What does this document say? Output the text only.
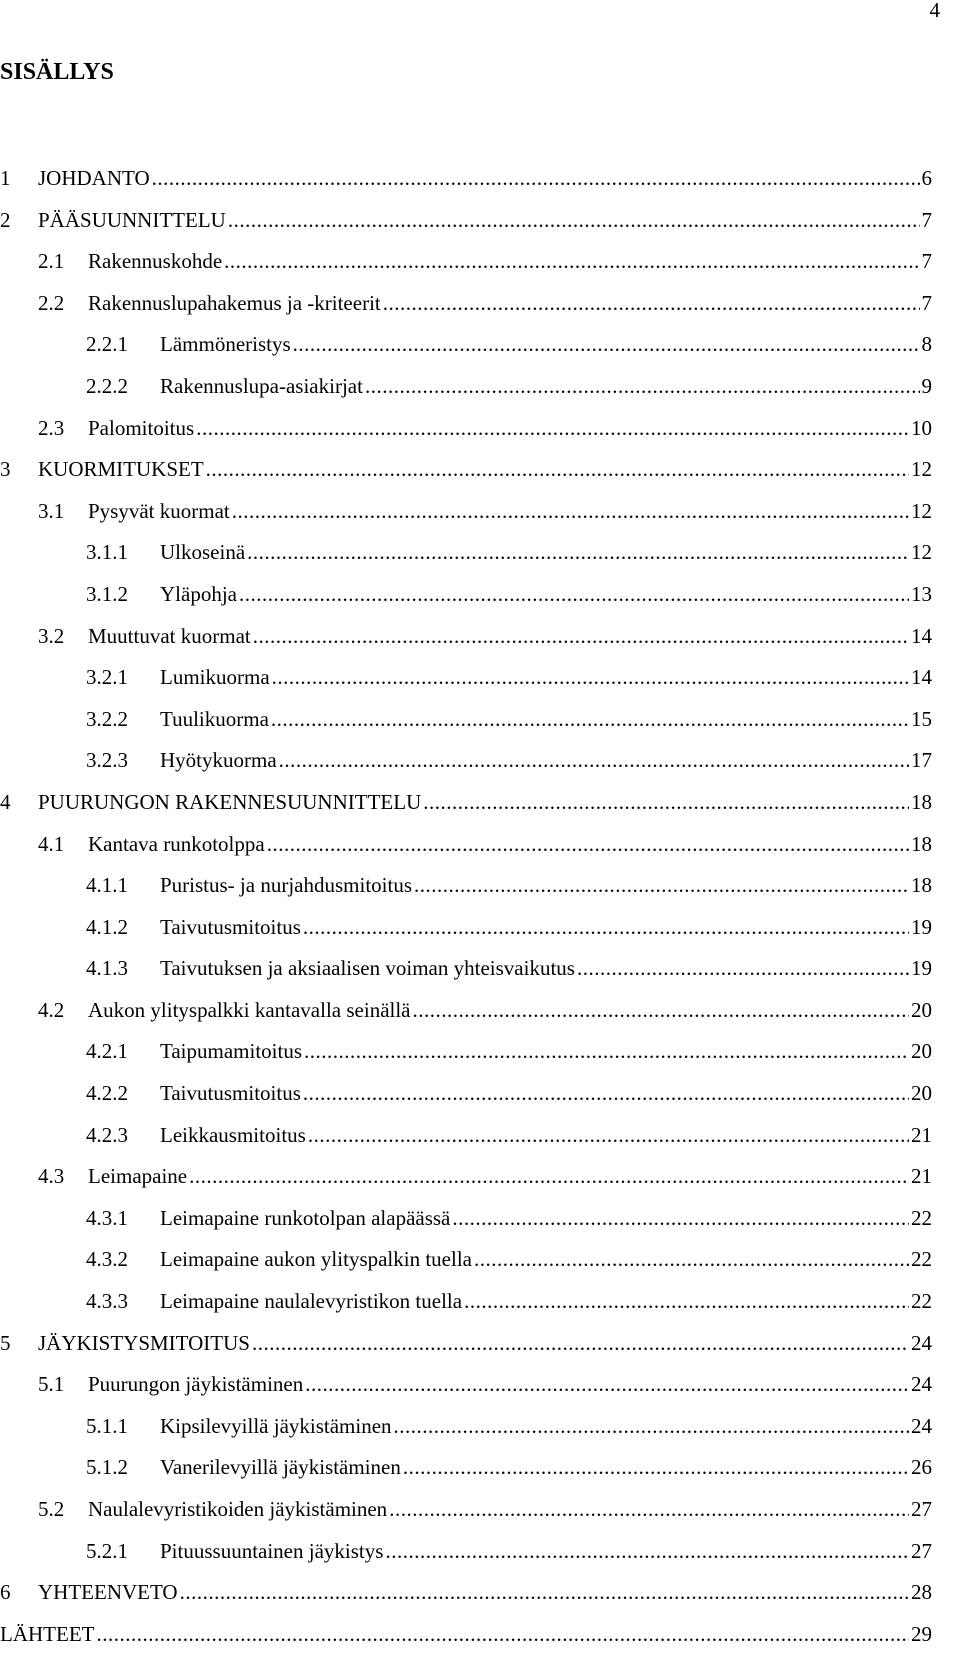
4
SISÄLLYS
1	JOHDANTO .....	6
2	PÄÄSUUNNITTELU .....	7
2.1	Rakennuskohde .....	7
2.2	Rakennuslupahakemus ja -kriteerit .....	7
2.2.1	Lämmöneristys .....	8
2.2.2	Rakennuslupa-asiakirjat .....	9
2.3	Palomitoitus .....	10
3	KUORMITUKSET .....	12
3.1	Pysyvät kuormat .....	12
3.1.1	Ulkoseinä .....	12
3.1.2	Yläpohja .....	13
3.2	Muuttuvat kuormat .....	14
3.2.1	Lumikuorma .....	14
3.2.2	Tuulikuorma .....	15
3.2.3	Hyötykuorma .....	17
4	PUURUNGON RAKENNESUUNNITTELU .....	18
4.1	Kantava runkotolppa .....	18
4.1.1	Puristus- ja nurjahdusmitoitus .....	18
4.1.2	Taivutusmitoitus .....	19
4.1.3	Taivutuksen ja aksiaalisen voiman yhteisvaikutus .....	19
4.2	Aukon ylityspalkki kantavalla seinällä .....	20
4.2.1	Taipumamitoitus .....	20
4.2.2	Taivutusmitoitus .....	20
4.2.3	Leikkausmitoitus .....	21
4.3	Leimapaine .....	21
4.3.1	Leimapaine runkotolpan alapäässä .....	22
4.3.2	Leimapaine aukon ylityspalkin tuella .....	22
4.3.3	Leimapaine naulalevyristikon tuella .....	22
5	JÄYKISTYSMITOITUS .....	24
5.1	Puurungon jäykistäminen .....	24
5.1.1	Kipsilevyillä jäykistäminen .....	24
5.1.2	Vanerilevyillä jäykistäminen .....	26
5.2	Naulalevyristikoiden jäykistäminen .....	27
5.2.1	Pituussuuntainen jäykistys .....	27
6	YHTEENVETO .....	28
LÄHTEET .....	29
